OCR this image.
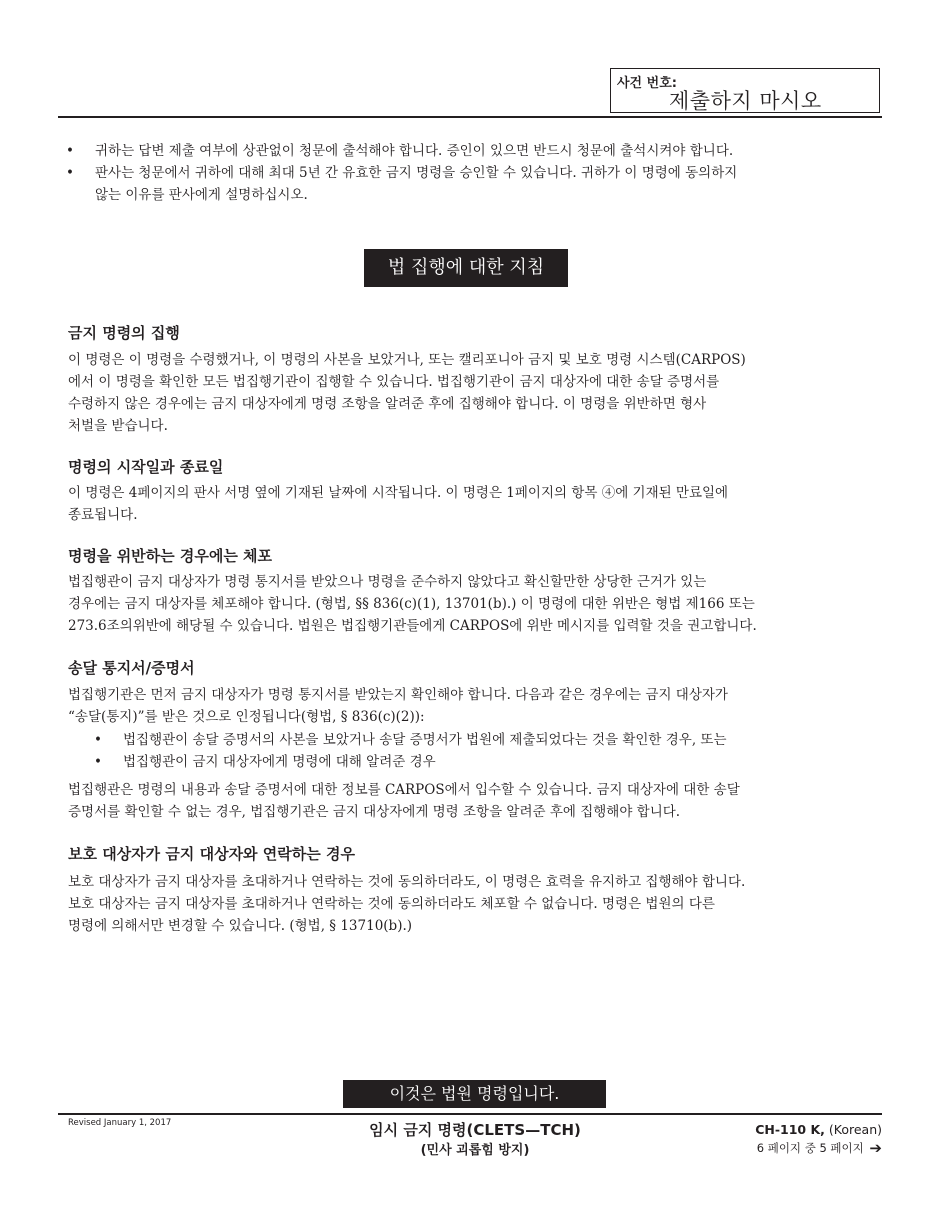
사건 번호:
제출하지 마시오
• 귀하는 답변 제출 여부에 상관없이 청문에 출석해야 합니다. 증인이 있으면 반드시 청문에 출석시켜야 합니다.
• 판사는 청문에서 귀하에 대해 최대 5년 간 유효한 금지 명령을 승인할 수 있습니다. 귀하가 이 명령에 동의하지
않는 이유를 판사에게 설명하십시오.
법 집행에 대한 지침
금지 명령의 집행
이 명령은 이 명령을 수령했거나, 이 명령의 사본을 보았거나, 또는 캘리포니아 금지 및 보호 명령 시스템(CARPOS)
에서 이 명령을 확인한 모든 법집행기관이 집행할 수 있습니다. 법집행기관이 금지 대상자에 대한 송달 증명서를
수령하지 않은 경우에는 금지 대상자에게 명령 조항을 알려준 후에 집행해야 합니다. 이 명령을 위반하면 형사
처벌을 받습니다.
명령의 시작일과 종료일
이 명령은 4페이지의 판사 서명 옆에 기재된 날짜에 시작됩니다. 이 명령은 1페이지의 항목 ④에 기재된 만료일에
종료됩니다.
명령을 위반하는 경우에는 체포
법집행관이 금지 대상자가 명령 통지서를 받았으나 명령을 준수하지 않았다고 확신할만한 상당한 근거가 있는
경우에는 금지 대상자를 체포해야 합니다. (형법, §§ 836(c)(1), 13701(b).) 이 명령에 대한 위반은 형법 제166 또는
273.6조의위반에 해당될 수 있습니다. 법원은 법집행기관들에게 CARPOS에 위반 메시지를 입력할 것을 권고합니다.
송달 통지서/증명서
법집행기관은 먼저 금지 대상자가 명령 통지서를 받았는지 확인해야 합니다. 다음과 같은 경우에는 금지 대상자가
“송달(통지)”를 받은 것으로 인정됩니다(형법, § 836(c)(2)):
• 법집행관이 송달 증명서의 사본을 보았거나 송달 증명서가 법원에 제출되었다는 것을 확인한 경우, 또는
• 법집행관이 금지 대상자에게 명령에 대해 알려준 경우
법집행관은 명령의 내용과 송달 증명서에 대한 정보를 CARPOS에서 입수할 수 있습니다. 금지 대상자에 대한 송달
증명서를 확인할 수 없는 경우, 법집행기관은 금지 대상자에게 명령 조항을 알려준 후에 집행해야 합니다.
보호 대상자가 금지 대상자와 연락하는 경우
보호 대상자가 금지 대상자를 초대하거나 연락하는 것에 동의하더라도, 이 명령은 효력을 유지하고 집행해야 합니다.
보호 대상자는 금지 대상자를 초대하거나 연락하는 것에 동의하더라도 체포할 수 없습니다. 명령은 법원의 다른
명령에 의해서만 변경할 수 있습니다. (형법, § 13710(b).)
이것은 법원 명령입니다.
Revised January 1, 2017	임시 금지 명령(CLETS—TCH)
(민사 괴롭힘 방지)
CH-110 K, (Korean)
6 페이지 중 5 페이지 ➔
